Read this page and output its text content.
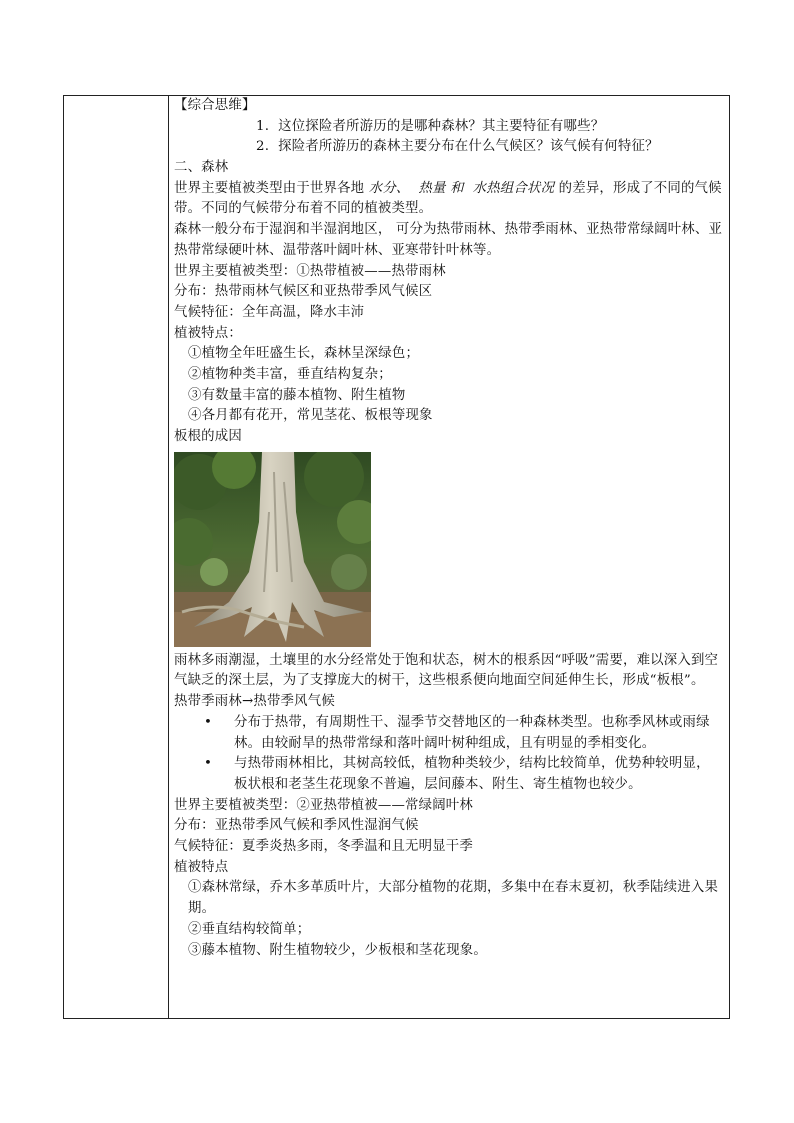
【综合思维】
1. 这位探险者所游历的是哪种森林？其主要特征有哪些？
2. 探险者所游历的森林主要分布在什么气候区？该气候有何特征？
二、森林
世界主要植被类型由于世界各地 水分、 热量 和 水热组合状况 的差异，形成了不同的气候带。不同的气候带分布着不同的植被类型。
森林一般分布于湿润和半湿润地区， 可分为热带雨林、热带季雨林、亚热带常绿阔叶林、亚热带常绿硬叶林、温带落叶阔叶林、亚寒带针叶林等。
世界主要植被类型：①热带植被——热带雨林
分布：热带雨林气候区和亚热带季风气候区
气候特征：全年高温，降水丰沛
植被特点：
①植物全年旺盛生长，森林呈深绿色；
②植物种类丰富，垂直结构复杂；
③有数量丰富的藤本植物、附生植物
④各月都有花开，常见茎花、板根等现象
板根的成因
雨林多雨潮湿，土壤里的水分经常处于饱和状态，树木的根系因“呼吸”需要，难以深入到空气缺乏的深土层，为了支撑庞大的树干，这些根系便向地面空间延伸生长，形成“板根”。
热带季雨林→热带季风气候
• 分布于热带，有周期性干、湿季节交替地区的一种森林类型。也称季风林或雨绿林。由较耐旱的热带常绿和落叶阔叶树种组成，且有明显的季相变化。
• 与热带雨林相比，其树高较低，植物种类较少，结构比较简单，优势种较明显，板状根和老茎生花现象不普遍，层间藤本、附生、寄生植物也较少。
世界主要植被类型：②亚热带植被——常绿阔叶林
分布：亚热带季风气候和季风性湿润气候
气候特征：夏季炎热多雨，冬季温和且无明显干季
植被特点
①森林常绿，乔木多革质叶片，大部分植物的花期，多集中在春末夏初，秋季陆续进入果期。
②垂直结构较简单；
③藤本植物、附生植物较少，少板根和茎花现象。
